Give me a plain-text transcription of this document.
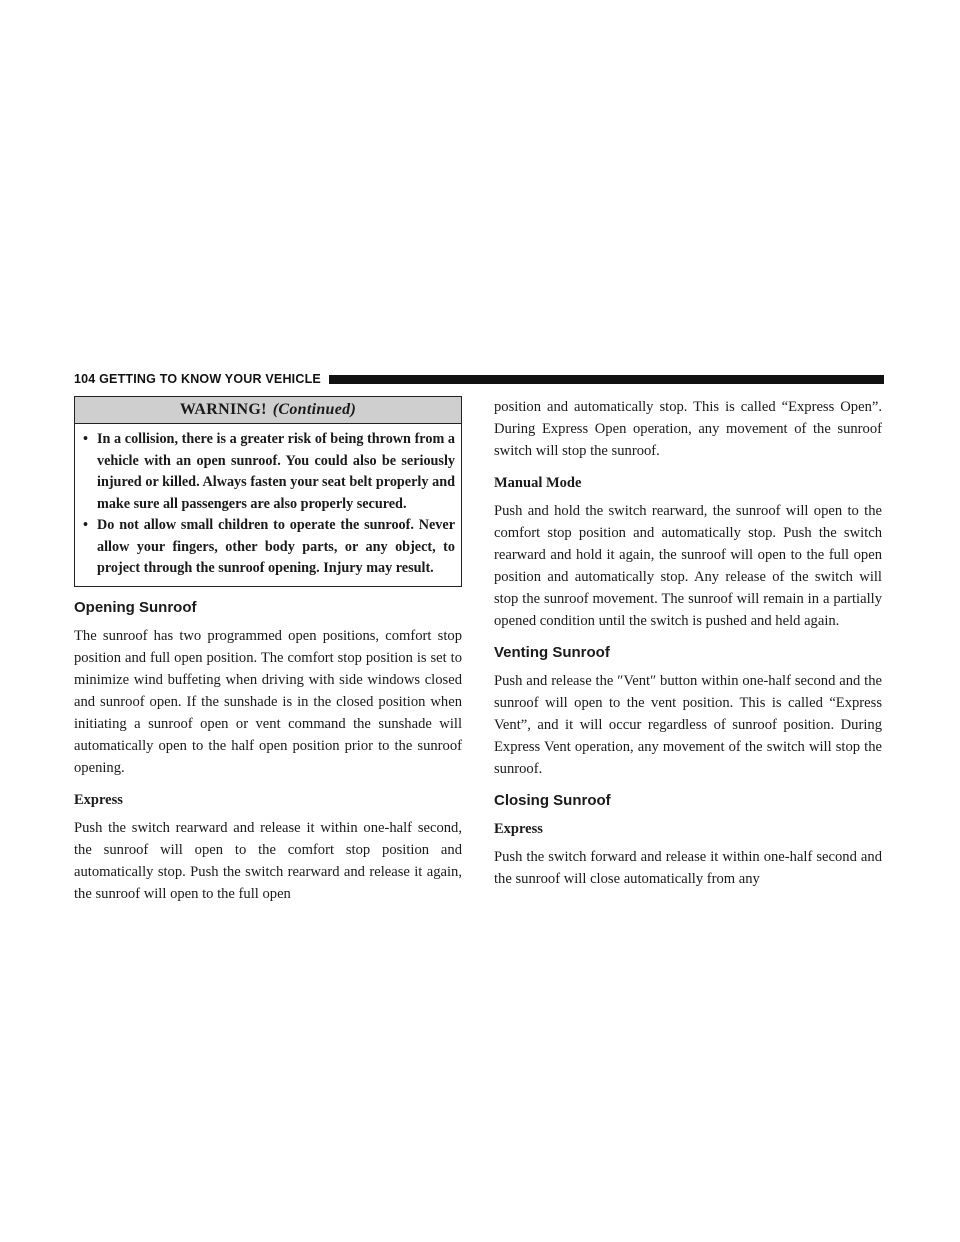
104 GETTING TO KNOW YOUR VEHICLE
WARNING! (Continued)
• In a collision, there is a greater risk of being thrown from a vehicle with an open sunroof. You could also be seriously injured or killed. Always fasten your seat belt properly and make sure all passengers are also properly secured.
• Do not allow small children to operate the sunroof. Never allow your fingers, other body parts, or any object, to project through the sunroof opening. Injury may result.
Opening Sunroof

The sunroof has two programmed open positions, comfort stop position and full open position. The comfort stop position is set to minimize wind buffeting when driving with side windows closed and sunroof open. If the sunshade is in the closed position when initiating a sunroof open or vent command the sunshade will automatically open to the half open position prior to the sunroof opening.

Express

Push the switch rearward and release it within one-half second, the sunroof will open to the comfort stop position and automatically stop. Push the switch rearward and release it again, the sunroof will open to the full open

position and automatically stop. This is called “Express Open”. During Express Open operation, any movement of the sunroof switch will stop the sunroof.

Manual Mode

Push and hold the switch rearward, the sunroof will open to the comfort stop position and automatically stop. Push the switch rearward and hold it again, the sunroof will open to the full open position and automatically stop. Any release of the switch will stop the sunroof movement. The sunroof will remain in a partially opened condition until the switch is pushed and held again.

Venting Sunroof

Push and release the ″Vent″ button within one-half second and the sunroof will open to the vent position. This is called “Express Vent”, and it will occur regardless of sunroof position. During Express Vent operation, any movement of the switch will stop the sunroof.

Closing Sunroof
Express

Push the switch forward and release it within one-half second and the sunroof will close automatically from any
